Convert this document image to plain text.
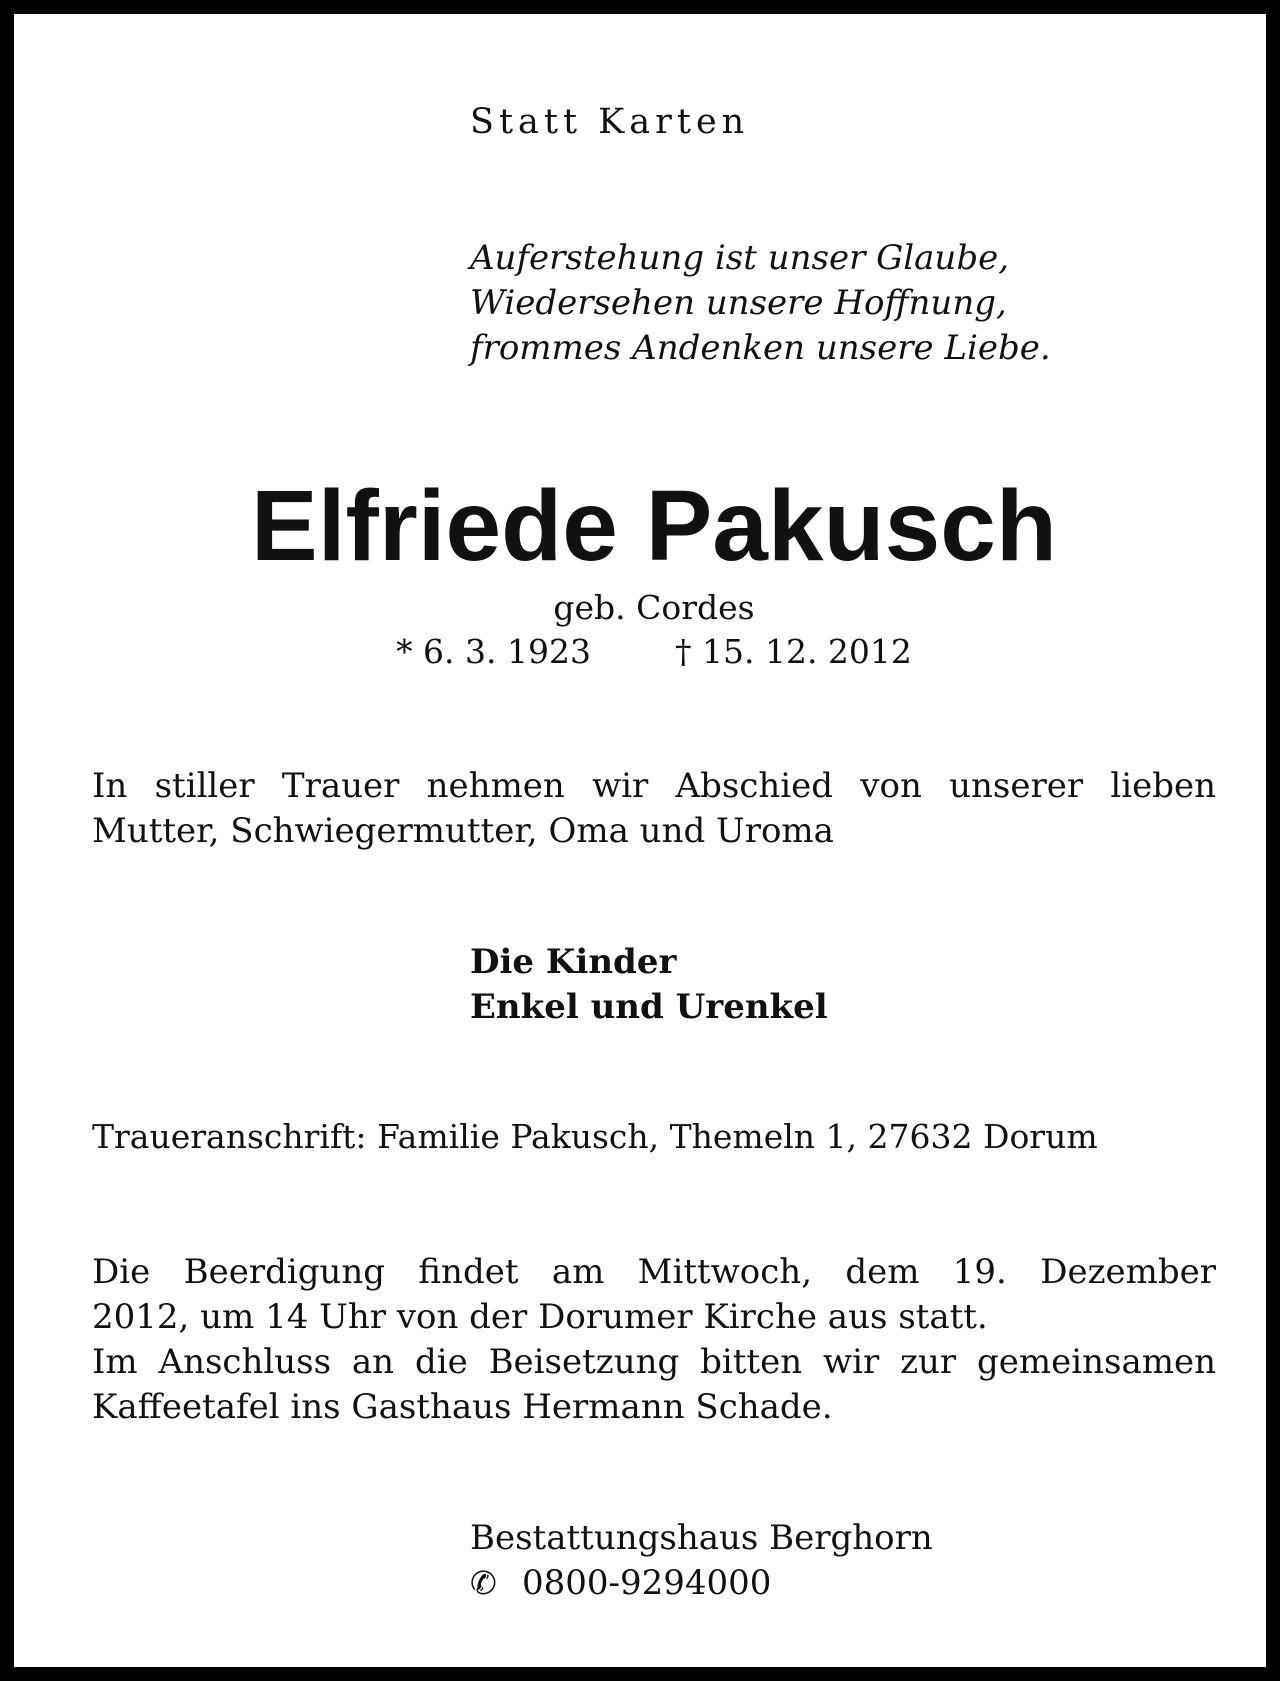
Statt Karten

Auferstehung ist unser Glaube,
Wiedersehen unsere Hoffnung,
frommes Andenken unsere Liebe.

Elfriede Pakusch

geb. Cordes

* 6. 3. 1923	† 15. 12. 2012

In stiller Trauer nehmen wir Abschied von unserer lieben
Mutter, Schwiegermutter, Oma und Uroma
Die Kinder
Enkel und Urenkel

Traueranschrift: Familie Pakusch, Themeln 1, 27632 Dorum

Die Beerdigung findet am Mittwoch, dem 19. Dezember
2012, um 14 Uhr von der Dorumer Kirche aus statt.
Im Anschluss an die Beisetzung bitten wir zur gemeinsamen
Kaffeetafel ins Gasthaus Hermann Schade.
Bestattungshaus Berghorn
✆ 0800-9294000
